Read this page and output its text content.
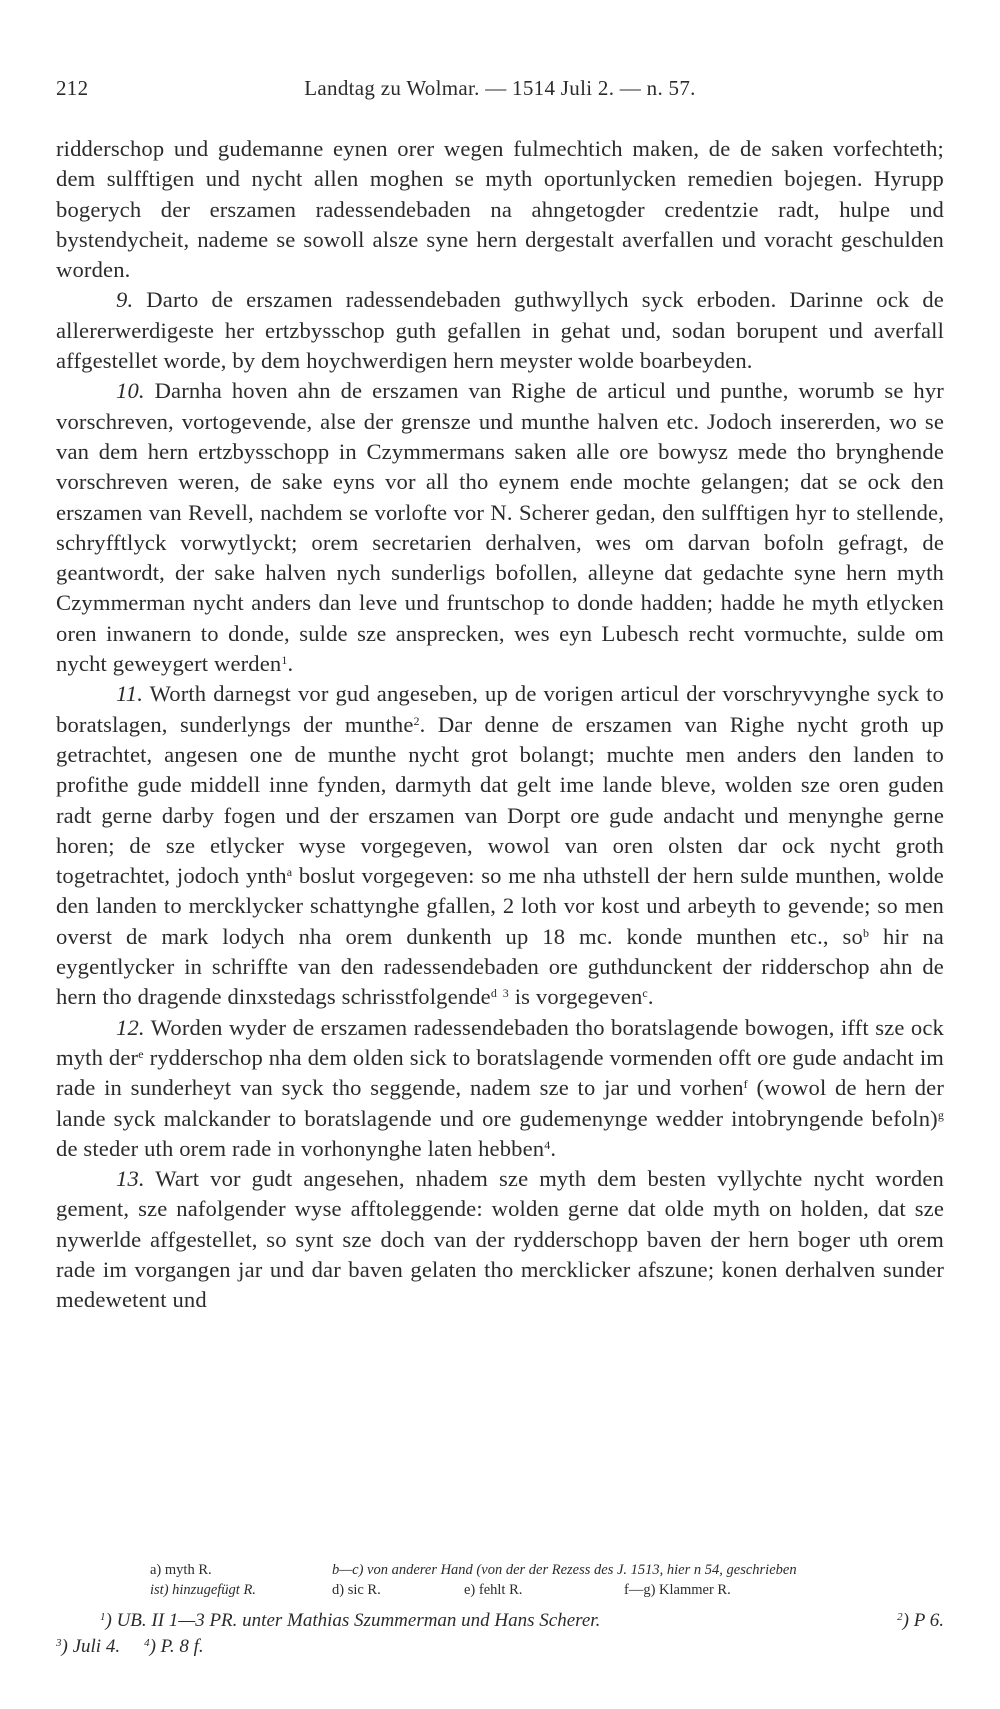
212	Landtag zu Wolmar. — 1514 Juli 2. — n. 57.

ridderschop und gudemanne eynen orer wegen fulmechtich maken, de de saken vorfechteth; dem sulfftigen und nycht allen moghen se myth oportunlycken remedien bojegen. Hyrupp bogerych der erszamen radessendebaden na ahngetogder credentzie radt, hulpe und bystendycheit, nademe se sowoll alsze syne hern dergestalt averfallen und voracht geschulden worden.

9. Darto de erszamen radessendebaden guthwyllych syck erboden. Darinne ock de allererwerdigeste her ertzbysschop guth gefallen in gehat und, sodan borupent und averfall affgestellet worde, by dem hoychwerdigen hern meyster wolde boarbeyden.

10. Darnha hoven ahn de erszamen van Righe de articul und punthe, worumb se hyr vorschreven, vortogevende, alse der grensze und munthe halven etc. Jodoch insererden, wo se van dem hern ertzbysschopp in Czymmermans saken alle ore bowysz mede tho brynghende vorschreven weren, de sake eyns vor all tho eynem ende mochte gelangen; dat se ock den erszamen van Revell, nachdem se vorlofte vor N. Scherer gedan, den sulfftigen hyr to stellende, schryfftlyck vorwytlyckt; orem secretarien derhalven, wes om darvan bofoln gefragt, de geantwordt, der sake halven nych sunderligs bofollen, alleyne dat gedachte syne hern myth Czymmerman nycht anders dan leve und fruntschop to donde hadden; hadde he myth etlycken oren inwanern to donde, sulde sze ansprecken, wes eyn Lubesch recht vormuchte, sulde om nycht geweygert werden$^1$.

11. Worth darnegst vor gud angeseben, up de vorigen articul der vorschryvynghe syck to boratslagen, sunderlyngs der munthe$^2$. Dar denne de erszamen van Righe nycht groth up getrachtet, angesen one de munthe nycht grot bolangt; muchte men anders den landen to profithe gude middell inne fynden, darmyth dat gelt ime lande bleve, wolden sze oren guden radt gerne darby fogen und der erszamen van Dorpt ore gude andacht und menynghe gerne horen; de sze etlycker wyse vorgegeven, wowol van oren olsten dar ock nycht groth togetrachtet, jodoch ynth$^a$ boslut vorgegeven: so me nha uthstell der hern sulde munthen, wolde den landen to mercklycker schattynghe gfallen, 2 loth vor kost und arbeyth to gevende; so men overst de mark lodych nha orem dunkenth up 18 mc. konde munthen etc., $so^b$ hir na eygentlycker in schriffte van den radessendebaden ore guthdunckent der ridderschop ahn de hern tho dragende dinxstedags schrisstfolgende$^d$ $^3$ is vorgegeven$^c$.

12. Worden wyder de erszamen radessendebaden tho boratslagende bowogen, ifft sze ock myth der$^e$ rydderschop nha dem olden sick to boratslagende vormenden offt ore gude andacht im rade in sunderheyt van syck tho seggende, nadem sze to jar und vorhen$^f$ (wowol de hern der lande syck malckander to boratslagende und ore gudemenynge wedder intobryngende befoln)$^g$ de steder uth orem rade in vorhonynghe laten hebben$^4$.

13. Wart vor gudt angesehen, nhadem sze myth dem besten vyllychte nycht worden gement, sze nafolgender wyse afftoleggende: wolden gerne dat olde myth on holden, dat sze nywerlde affgestellet, so synt sze doch van der rydderschopp baven der hern boger uth orem rade im vorgangen jar und dar baven gelaten tho mercklicker afszune; konen derhalven sunder medewetent und

a) myth R.	b—c) von anderer Hand (von der der Rezess des J. 1513, hier n 54, geschrieben
ist) hinzugefügt R.	d) sic R.	e) fehlt R.	f—g) Klammer R.
$^1$) UB. II 1—3 PR. unter Mathias Szummerman und Hans Scherer.	$^2$) P 6.
$^3$) Juli 4.	$^4$) P. 8 f.
